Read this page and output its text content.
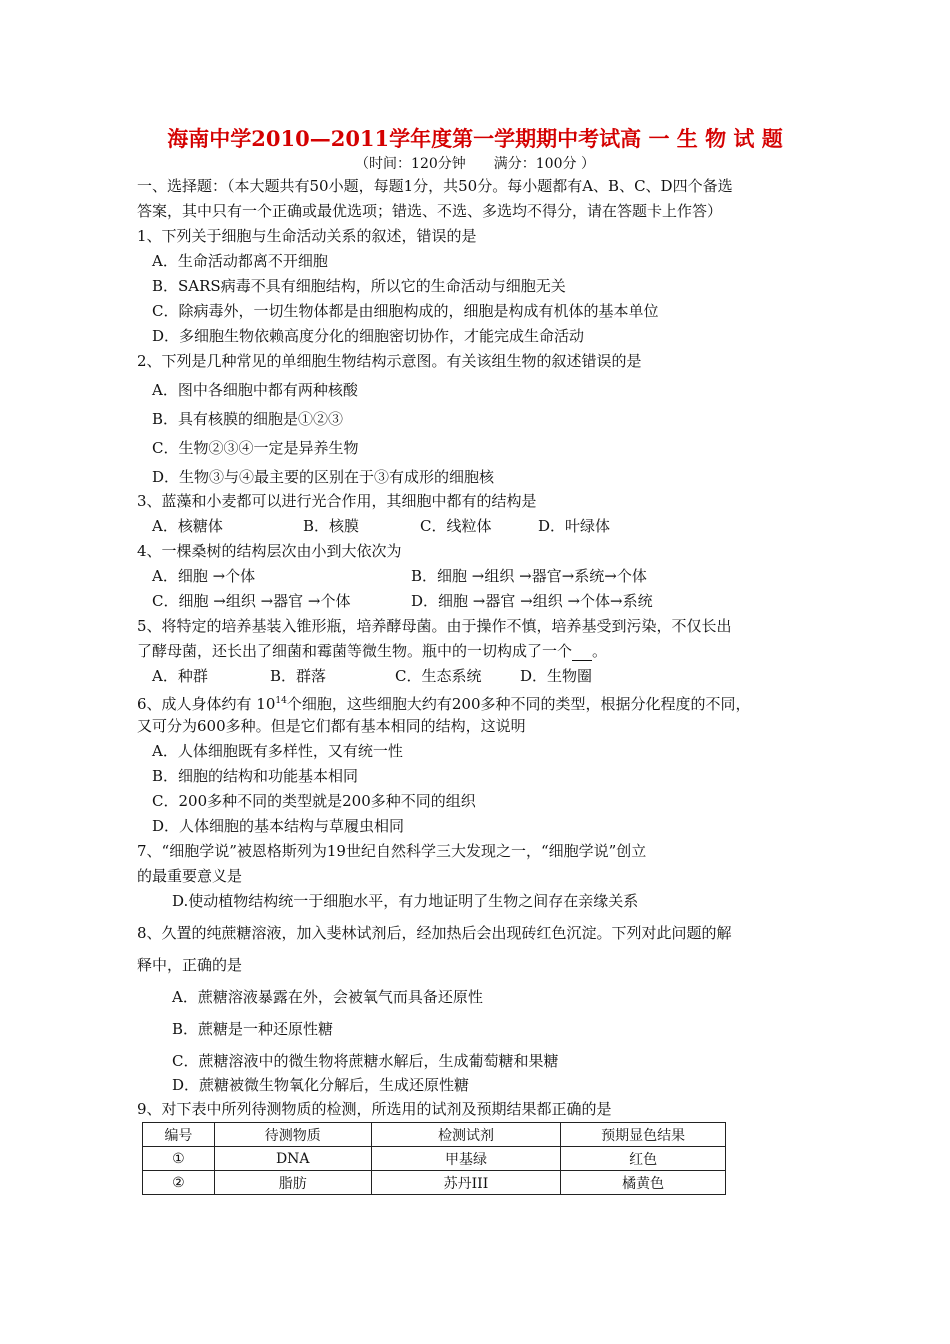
海南中学2010—2011学年度第一学期期中考试高 一 生 物 试 题
（时间：120分钟　　满分：100分 ）
一、选择题：（本大题共有50小题，每题1分，共50分。每小题都有A、B、C、D四个备选
答案，其中只有一个正确或最优选项；错选、不选、多选均不得分，请在答题卡上作答）
1、下列关于细胞与生命活动关系的叙述，错误的是
A．生命活动都离不开细胞
B．SARS病毒不具有细胞结构，所以它的生命活动与细胞无关
C．除病毒外，一切生物体都是由细胞构成的，细胞是构成有机体的基本单位
D．多细胞生物依赖高度分化的细胞密切协作，才能完成生命活动
2、下列是几种常见的单细胞生物结构示意图。有关该组生物的叙述错误的是
A．图中各细胞中都有两种核酸
B．具有核膜的细胞是①②③
C．生物②③④一定是异养生物
D．生物③与④最主要的区别在于③有成形的细胞核
3、蓝藻和小麦都可以进行光合作用，其细胞中都有的结构是
A．核糖体	B．核膜	C．线粒体	D．叶绿体
4、一棵桑树的结构层次由小到大依次为
A．细胞 →个体	B．细胞 →组织 →器官→系统→个体
C．细胞 →组织 →器官 →个体	D．细胞 →器官 →组织 →个体→系统
5、将特定的培养基装入锥形瓶，培养酵母菌。由于操作不慎，培养基受到污染，不仅长出
了酵母菌，还长出了细菌和霉菌等微生物。瓶中的一切构成了一个 。
A．种群	B．群落	C．生态系统	D．生物圈
6、成人身体约有 $10^{14}$个细胞，这些细胞大约有200多种不同的类型，根据分化程度的不同，
又可分为600多种。但是它们都有基本相同的结构，这说明
A．人体细胞既有多样性，又有统一性
B．细胞的结构和功能基本相同
C．200多种不同的类型就是200多种不同的组织
D．人体细胞的基本结构与草履虫相同
7、“细胞学说”被恩格斯列为19世纪自然科学三大发现之一，“细胞学说”创立
的最重要意义是
D.使动植物结构统一于细胞水平，有力地证明了生物之间存在亲缘关系
8、久置的纯蔗糖溶液，加入斐林试剂后，经加热后会出现砖红色沉淀。下列对此问题的解
释中，正确的是
A．蔗糖溶液暴露在外，会被氧气而具备还原性
B．蔗糖是一种还原性糖
C．蔗糖溶液中的微生物将蔗糖水解后，生成葡萄糖和果糖
D．蔗糖被微生物氧化分解后，生成还原性糖
9、对下表中所列待测物质的检测，所选用的试剂及预期结果都正确的是
编号	待测物质	检测试剂	预期显色结果
①	DNA	甲基绿	红色
②	脂肪	苏丹III	橘黄色
